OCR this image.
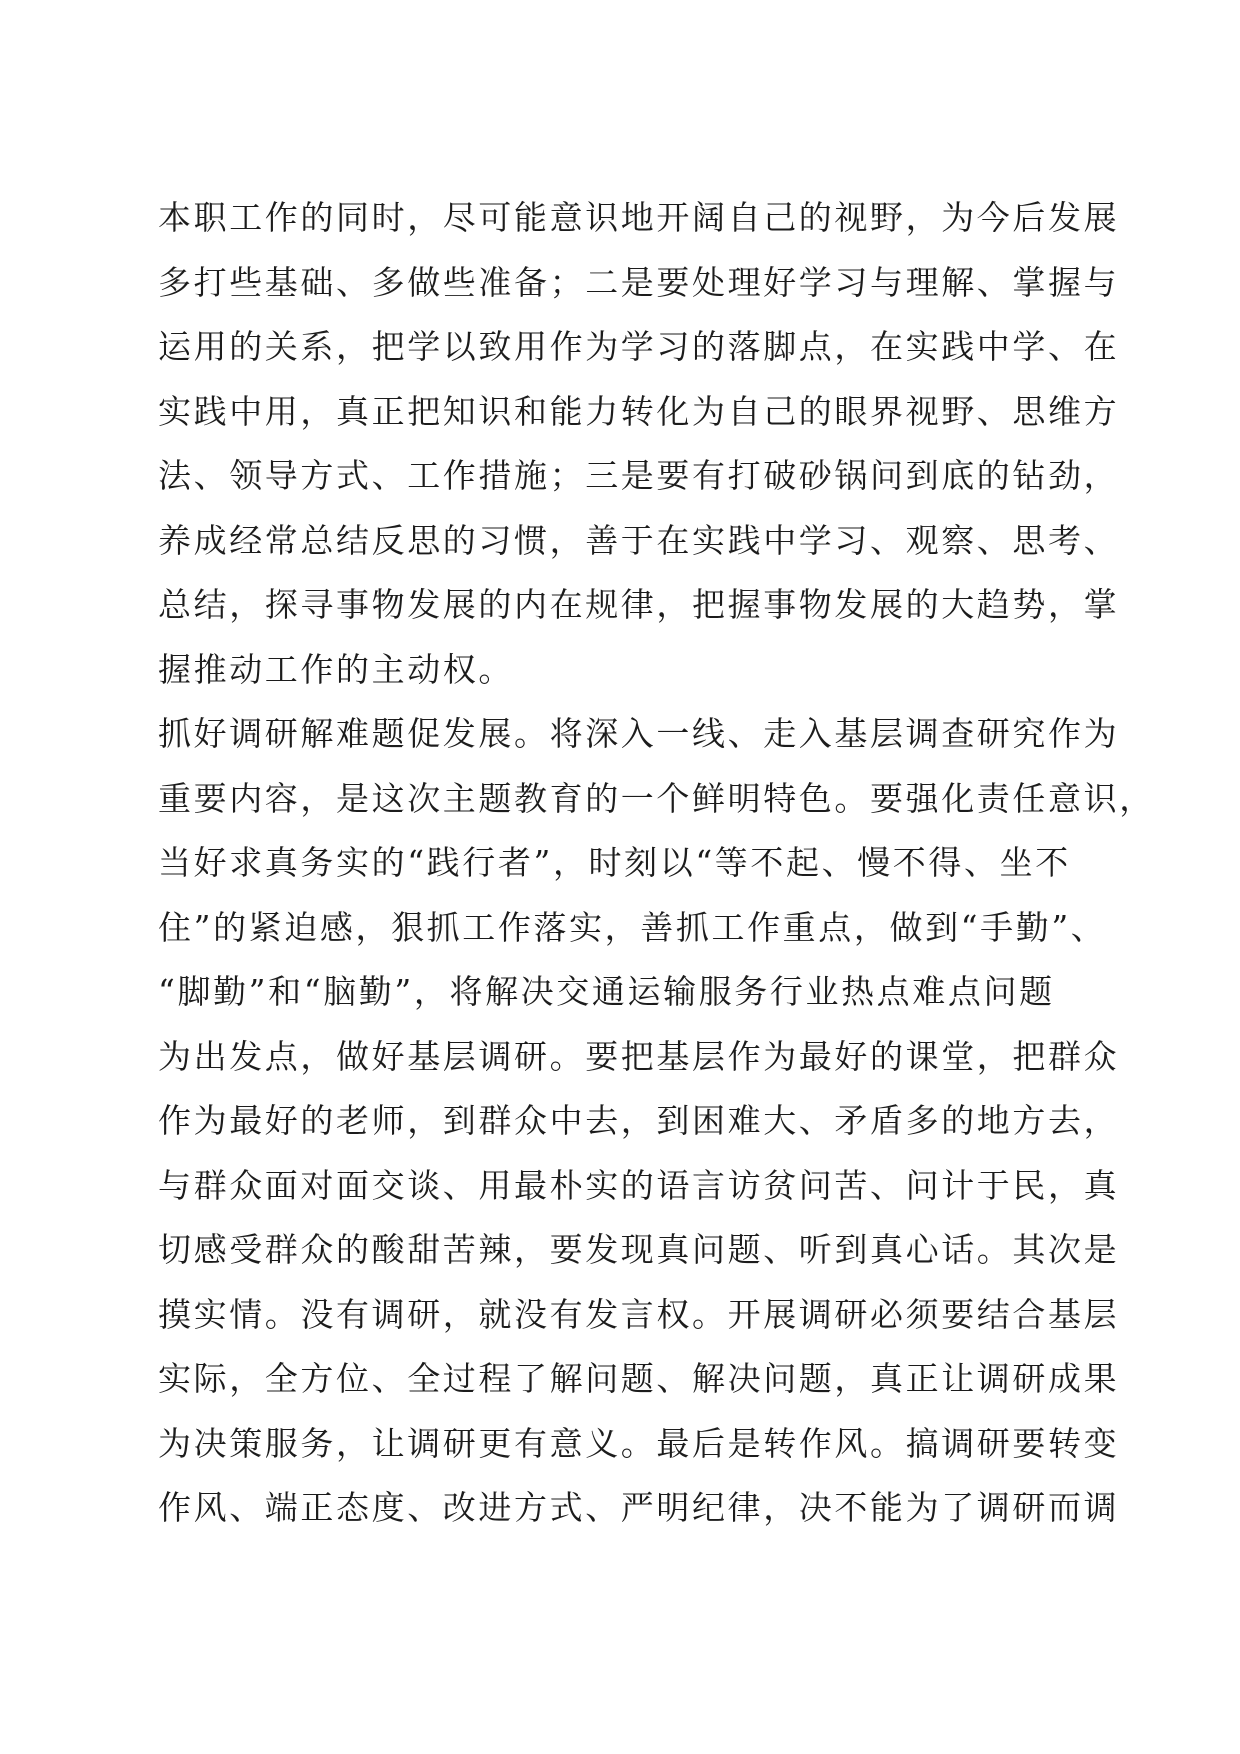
本职工作的同时，尽可能意识地开阔自己的视野，为今后发展
多打些基础、多做些准备；二是要处理好学习与理解、掌握与
运用的关系，把学以致用作为学习的落脚点，在实践中学、在
实践中用，真正把知识和能力转化为自己的眼界视野、思维方
法、领导方式、工作措施；三是要有打破砂锅问到底的钻劲，
养成经常总结反思的习惯，善于在实践中学习、观察、思考、
总结，探寻事物发展的内在规律，把握事物发展的大趋势，掌
握推动工作的主动权。
抓好调研解难题促发展。将深入一线、走入基层调查研究作为
重要内容，是这次主题教育的一个鲜明特色。要强化责任意识，
当好求真务实的“践行者”，时刻以“等不起、慢不得、坐不
住”的紧迫感，狠抓工作落实，善抓工作重点，做到“手勤”、
“脚勤”和“脑勤”，将解决交通运输服务行业热点难点问题
为出发点，做好基层调研。要把基层作为最好的课堂，把群众
作为最好的老师，到群众中去，到困难大、矛盾多的地方去，
与群众面对面交谈、用最朴实的语言访贫问苦、问计于民，真
切感受群众的酸甜苦辣，要发现真问题、听到真心话。其次是
摸实情。没有调研，就没有发言权。开展调研必须要结合基层
实际，全方位、全过程了解问题、解决问题，真正让调研成果
为决策服务，让调研更有意义。最后是转作风。搞调研要转变
作风、端正态度、改进方式、严明纪律，决不能为了调研而调
